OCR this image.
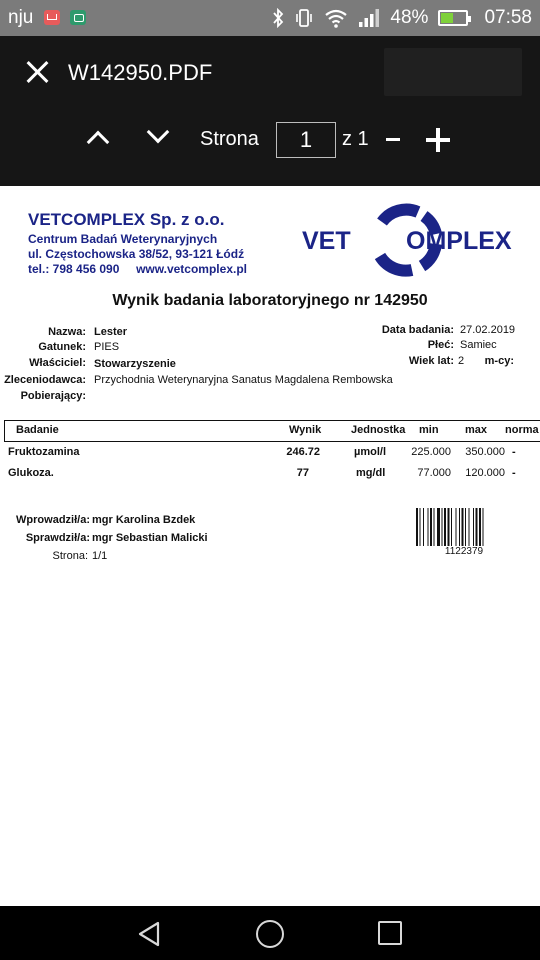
nju	48%	07:58
W142950.PDF
Strona	1	z 1
VETCOMPLEX Sp. z o.o.
Centrum Badań Weterynaryjnych
ul. Częstochowska 38/52, 93-121 Łódź
tel.: 798 456 090     www.vetcomplex.pl
VET OMPLEX
Wynik badania laboratoryjnego nr 142950
Nazwa: Lester
Gatunek: PIES
Właściciel: Stowarzyszenie
Zleceniodawca: Przychodnia Weterynaryjna Sanatus Magdalena Rembowska
Pobierający:
Data badania: 27.02.2019
Płeć: Samiec
Wiek lat: 2	m-cy:
Badanie	Wynik	Jednostka min max norma
Fruktozamina	246.72	µmol/l	225.000	350.000 -
Glukoza.	77	mg/dl	77.000	120.000 -
Wprowadził/a: mgr Karolina Bzdek
Sprawdził/a: mgr Sebastian Malicki
Strona: 1/1	1122379
